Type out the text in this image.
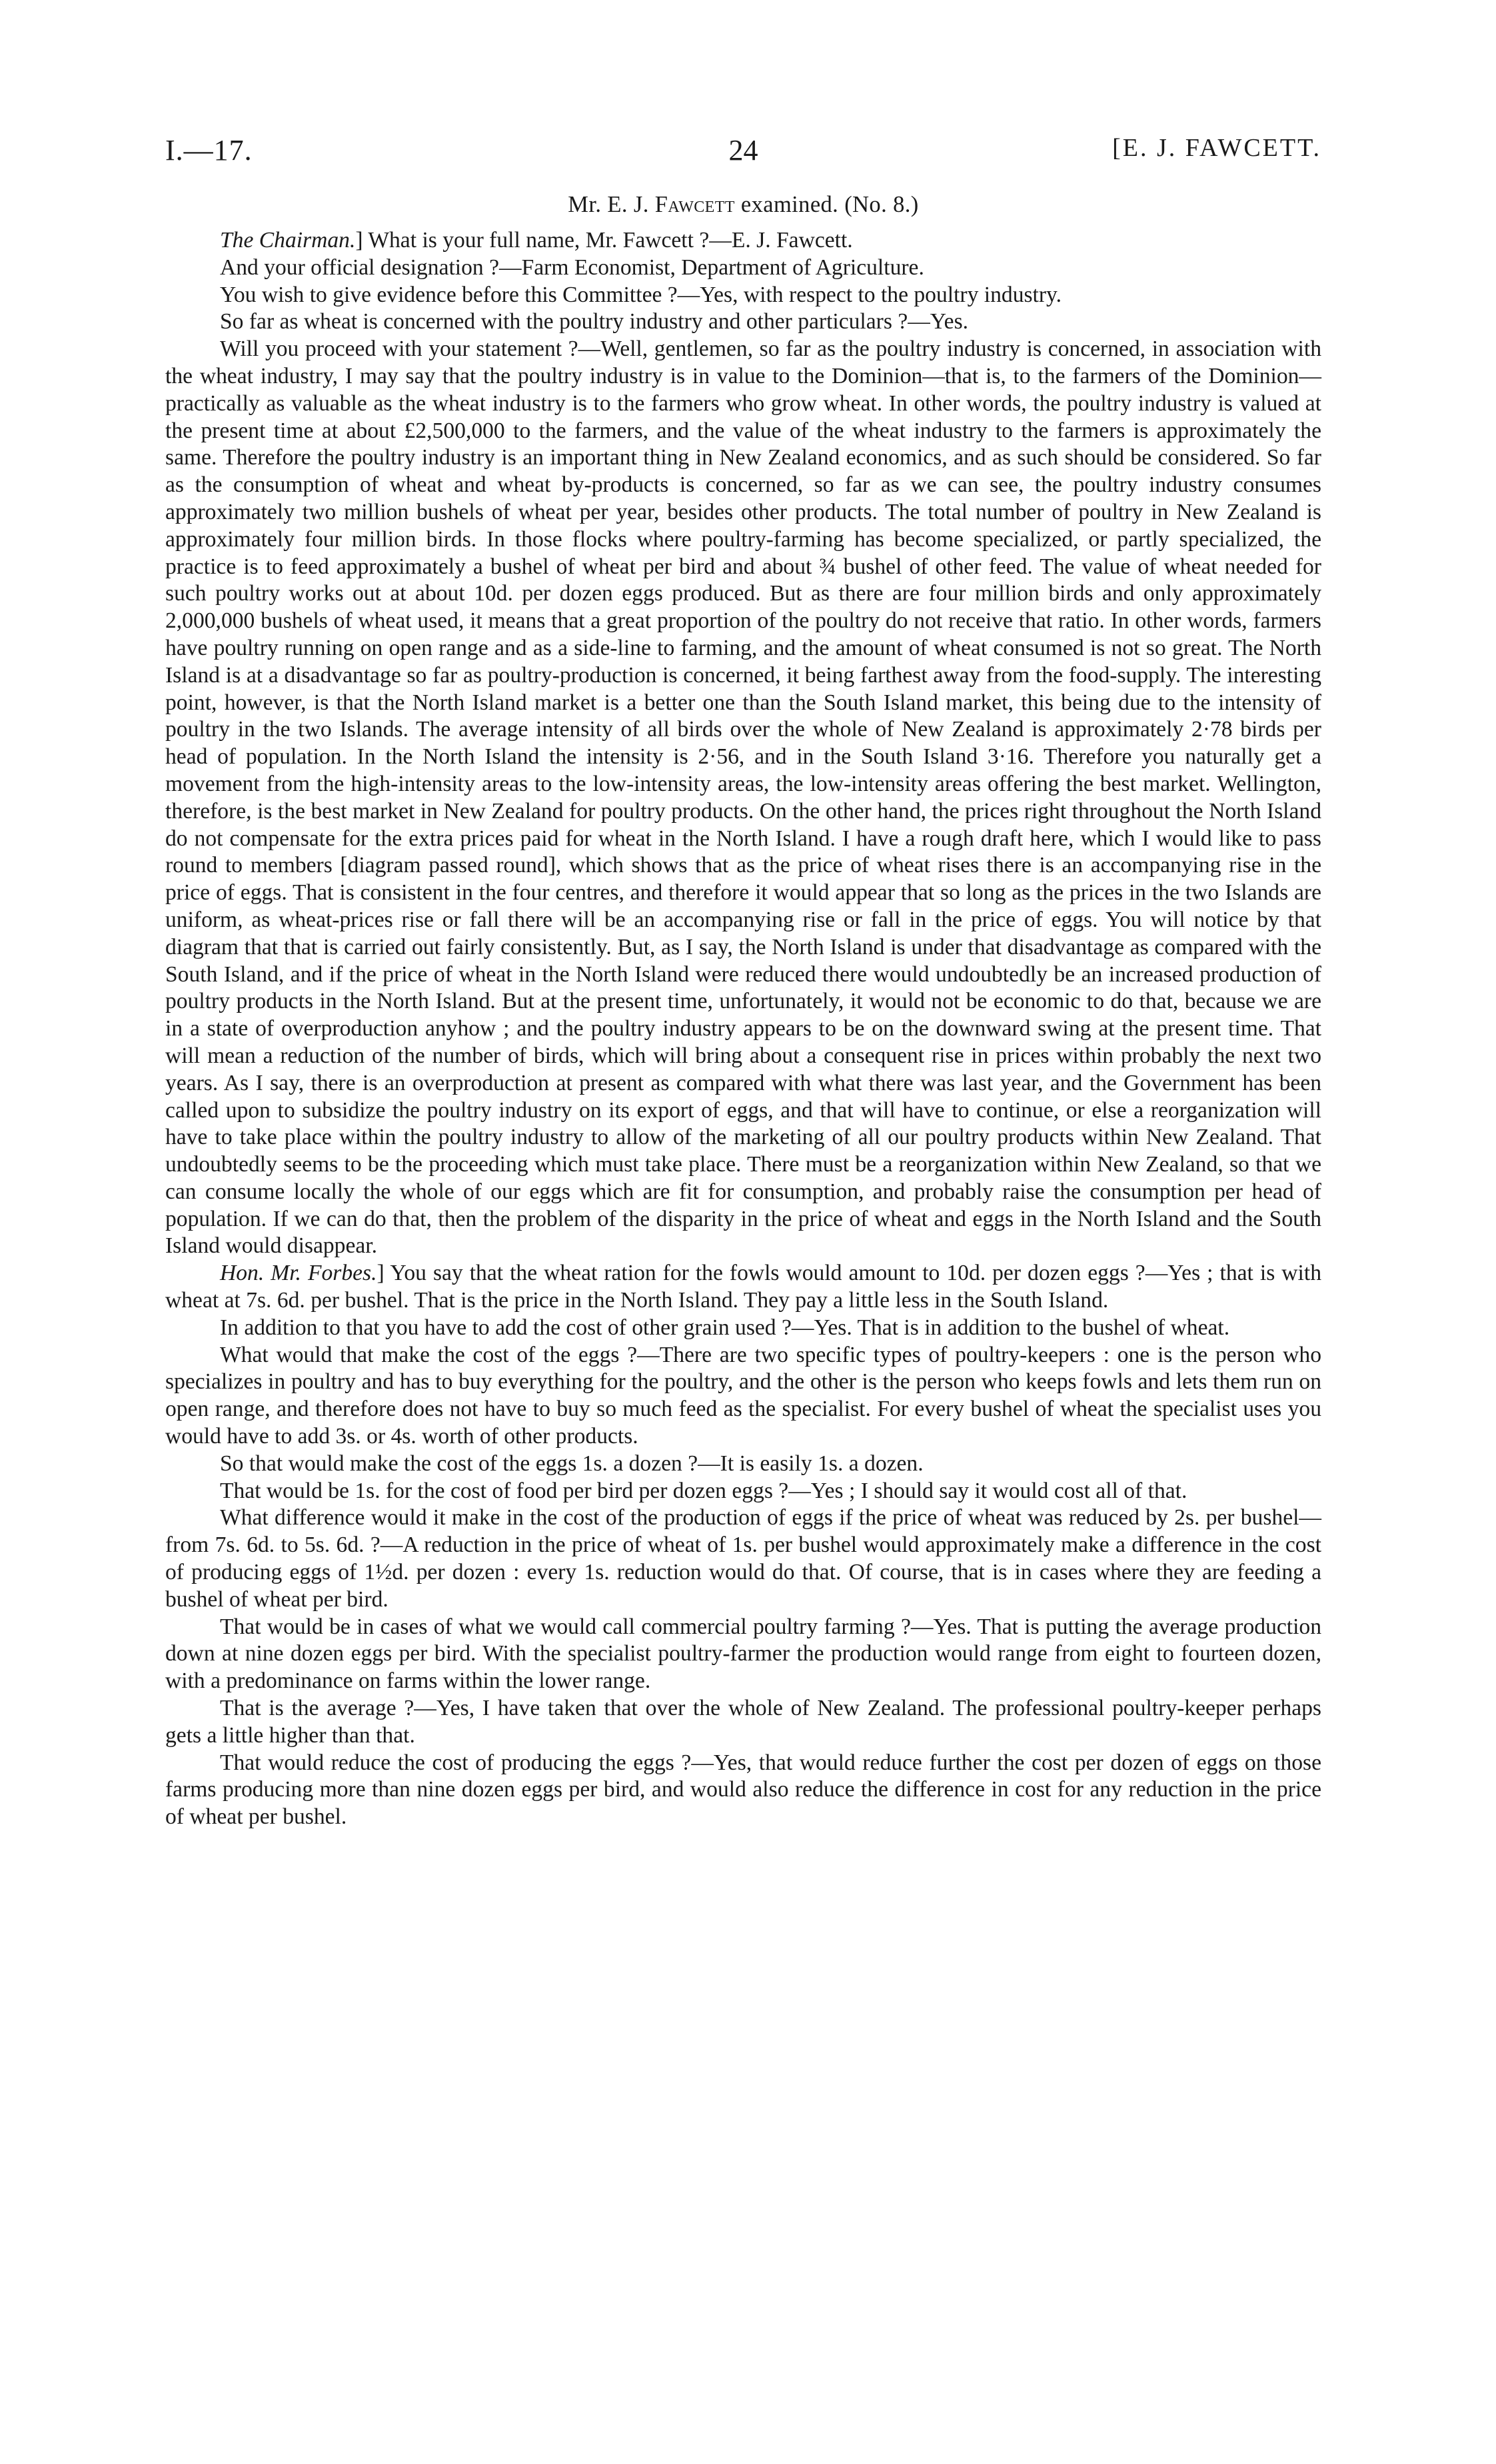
I.—17.	24	[E. J. FAWCETT.
Mr. E. J. Fawcett examined. (No. 8.)

The Chairman.] What is your full name, Mr. Fawcett ?—E. J. Fawcett.

And your official designation ?—Farm Economist, Department of Agriculture.

You wish to give evidence before this Committee ?—Yes, with respect to the poultry industry.

So far as wheat is concerned with the poultry industry and other particulars ?—Yes.

Will you proceed with your statement ?—Well, gentlemen, so far as the poultry industry is concerned, in association with the wheat industry, I may say that the poultry industry is in value to the Dominion—that is, to the farmers of the Dominion—practically as valuable as the wheat industry is to the farmers who grow wheat. In other words, the poultry industry is valued at the present time at about £2,500,000 to the farmers, and the value of the wheat industry to the farmers is approximately the same. Therefore the poultry industry is an important thing in New Zealand economics, and as such should be considered. So far as the consumption of wheat and wheat by-products is concerned, so far as we can see, the poultry industry consumes approximately two million bushels of wheat per year, besides other products. The total number of poultry in New Zealand is approximately four million birds. In those flocks where poultry-farming has become specialized, or partly specialized, the practice is to feed approximately a bushel of wheat per bird and about ¾ bushel of other feed. The value of wheat needed for such poultry works out at about 10d. per dozen eggs produced. But as there are four million birds and only approximately 2,000,000 bushels of wheat used, it means that a great proportion of the poultry do not receive that ratio. In other words, farmers have poultry running on open range and as a side-line to farming, and the amount of wheat consumed is not so great. The North Island is at a disadvantage so far as poultry-production is concerned, it being farthest away from the food-supply. The interesting point, however, is that the North Island market is a better one than the South Island market, this being due to the intensity of poultry in the two Islands. The average intensity of all birds over the whole of New Zealand is approximately 2·78 birds per head of population. In the North Island the intensity is 2·56, and in the South Island 3·16. Therefore you naturally get a movement from the high-intensity areas to the low-intensity areas, the low-intensity areas offering the best market. Wellington, therefore, is the best market in New Zealand for poultry products. On the other hand, the prices right throughout the North Island do not compensate for the extra prices paid for wheat in the North Island. I have a rough draft here, which I would like to pass round to members [diagram passed round], which shows that as the price of wheat rises there is an accompanying rise in the price of eggs. That is consistent in the four centres, and therefore it would appear that so long as the prices in the two Islands are uniform, as wheat-prices rise or fall there will be an accompanying rise or fall in the price of eggs. You will notice by that diagram that that is carried out fairly consistently. But, as I say, the North Island is under that disadvantage as compared with the South Island, and if the price of wheat in the North Island were reduced there would undoubtedly be an increased production of poultry products in the North Island. But at the present time, unfortunately, it would not be economic to do that, because we are in a state of overproduction anyhow ; and the poultry industry appears to be on the downward swing at the present time. That will mean a reduction of the number of birds, which will bring about a consequent rise in prices within probably the next two years. As I say, there is an overproduction at present as compared with what there was last year, and the Government has been called upon to subsidize the poultry industry on its export of eggs, and that will have to continue, or else a reorganization will have to take place within the poultry industry to allow of the marketing of all our poultry products within New Zealand. That undoubtedly seems to be the proceeding which must take place. There must be a reorganization within New Zealand, so that we can consume locally the whole of our eggs which are fit for consumption, and probably raise the consumption per head of population. If we can do that, then the problem of the disparity in the price of wheat and eggs in the North Island and the South Island would disappear.

Hon. Mr. Forbes.] You say that the wheat ration for the fowls would amount to 10d. per dozen eggs ?—Yes ; that is with wheat at 7s. 6d. per bushel. That is the price in the North Island. They pay a little less in the South Island.

In addition to that you have to add the cost of other grain used ?—Yes. That is in addition to the bushel of wheat.

What would that make the cost of the eggs ?—There are two specific types of poultry-keepers : one is the person who specializes in poultry and has to buy everything for the poultry, and the other is the person who keeps fowls and lets them run on open range, and therefore does not have to buy so much feed as the specialist. For every bushel of wheat the specialist uses you would have to add 3s. or 4s. worth of other products.

So that would make the cost of the eggs 1s. a dozen ?—It is easily 1s. a dozen.

That would be 1s. for the cost of food per bird per dozen eggs ?—Yes ; I should say it would cost all of that.

What difference would it make in the cost of the production of eggs if the price of wheat was reduced by 2s. per bushel—from 7s. 6d. to 5s. 6d. ?—A reduction in the price of wheat of 1s. per bushel would approximately make a difference in the cost of producing eggs of 1½d. per dozen : every 1s. reduction would do that. Of course, that is in cases where they are feeding a bushel of wheat per bird.

That would be in cases of what we would call commercial poultry farming ?—Yes. That is putting the average production down at nine dozen eggs per bird. With the specialist poultry-farmer the production would range from eight to fourteen dozen, with a predominance on farms within the lower range.

That is the average ?—Yes, I have taken that over the whole of New Zealand. The professional poultry-keeper perhaps gets a little higher than that.

That would reduce the cost of producing the eggs ?—Yes, that would reduce further the cost per dozen of eggs on those farms producing more than nine dozen eggs per bird, and would also reduce the difference in cost for any reduction in the price of wheat per bushel.
